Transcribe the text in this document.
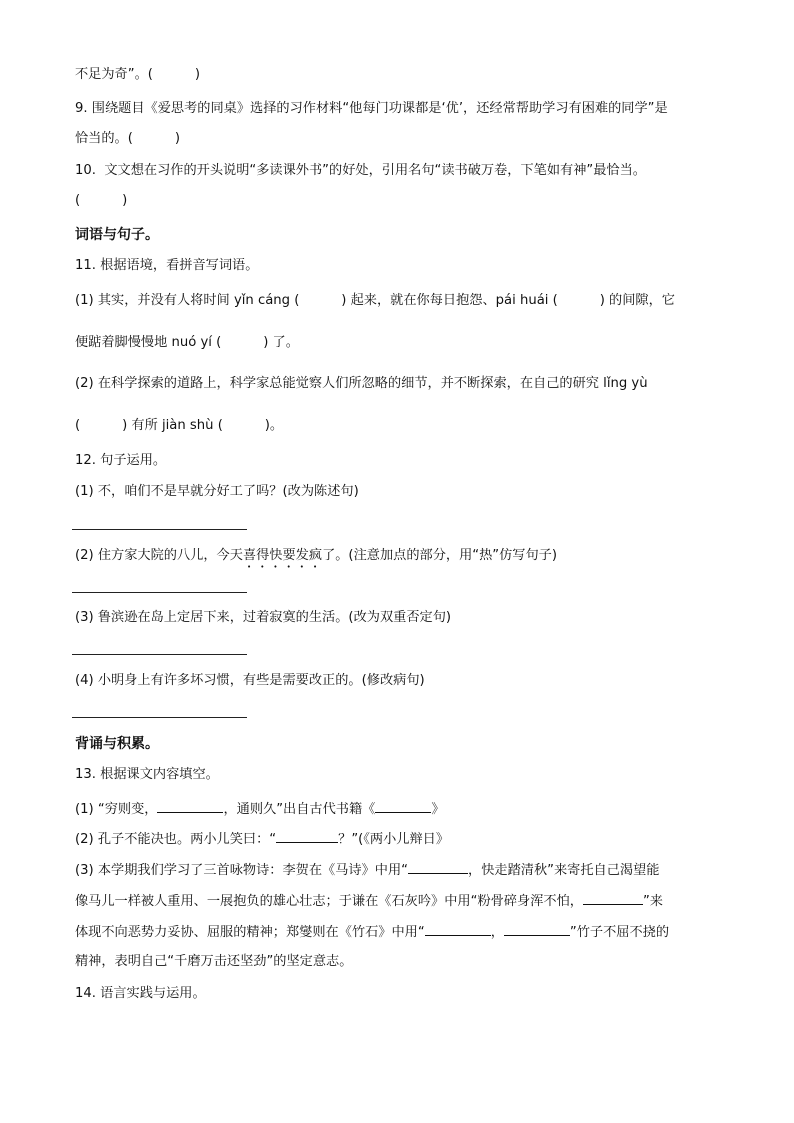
不足为奇”。(          )
9. 围绕题目《爱思考的同桌》选择的习作材料“他每门功课都是‘优’，还经常帮助学习有困难的同学”是
恰当的。(          )
10.  文文想在习作的开头说明“多读课外书”的好处，引用名句“读书破万卷，下笔如有神”最恰当。
(          )
词语与句子。
11. 根据语境，看拼音写词语。
(1) 其实，并没有人将时间 yǐn cáng (          ) 起来，就在你每日抱怨、pái huái (          ) 的间隙，它
便踮着脚慢慢地 nuó yí (          ) 了。
(2) 在科学探索的道路上，科学家总能觉察人们所忽略的细节，并不断探索，在自己的研究 lǐng yù
(          ) 有所 jiàn shù (          )。
12. 句子运用。
(1) 不，咱们不是早就分好工了吗？(改为陈述句)
(2) 住方家大院的八儿，今天喜得快要发疯了。(注意加点的部分，用“热”仿写句子)
(3) 鲁滨逊在岛上定居下来，过着寂寞的生活。(改为双重否定句)
(4) 小明身上有许多坏习惯，有些是需要改正的。(修改病句)
背诵与积累。
13. 根据课文内容填空。
(1) “穷则变，	，通则久”出自古代书籍《	》
(2) 孔子不能决也。两小儿笑曰：“	？”(《两小儿辩日》
(3) 本学期我们学习了三首咏物诗：李贺在《马诗》中用“	，快走踏清秋”来寄托自己渴望能
像马儿一样被人重用、一展抱负的雄心壮志；于谦在《石灰吟》中用“粉骨碎身浑不怕，	”来
体现不向恶势力妥协、屈服的精神；郑燮则在《竹石》中用“	，	”竹子不屈不挠的
精神，表明自己“千磨万击还坚劲”的坚定意志。
14. 语言实践与运用。
